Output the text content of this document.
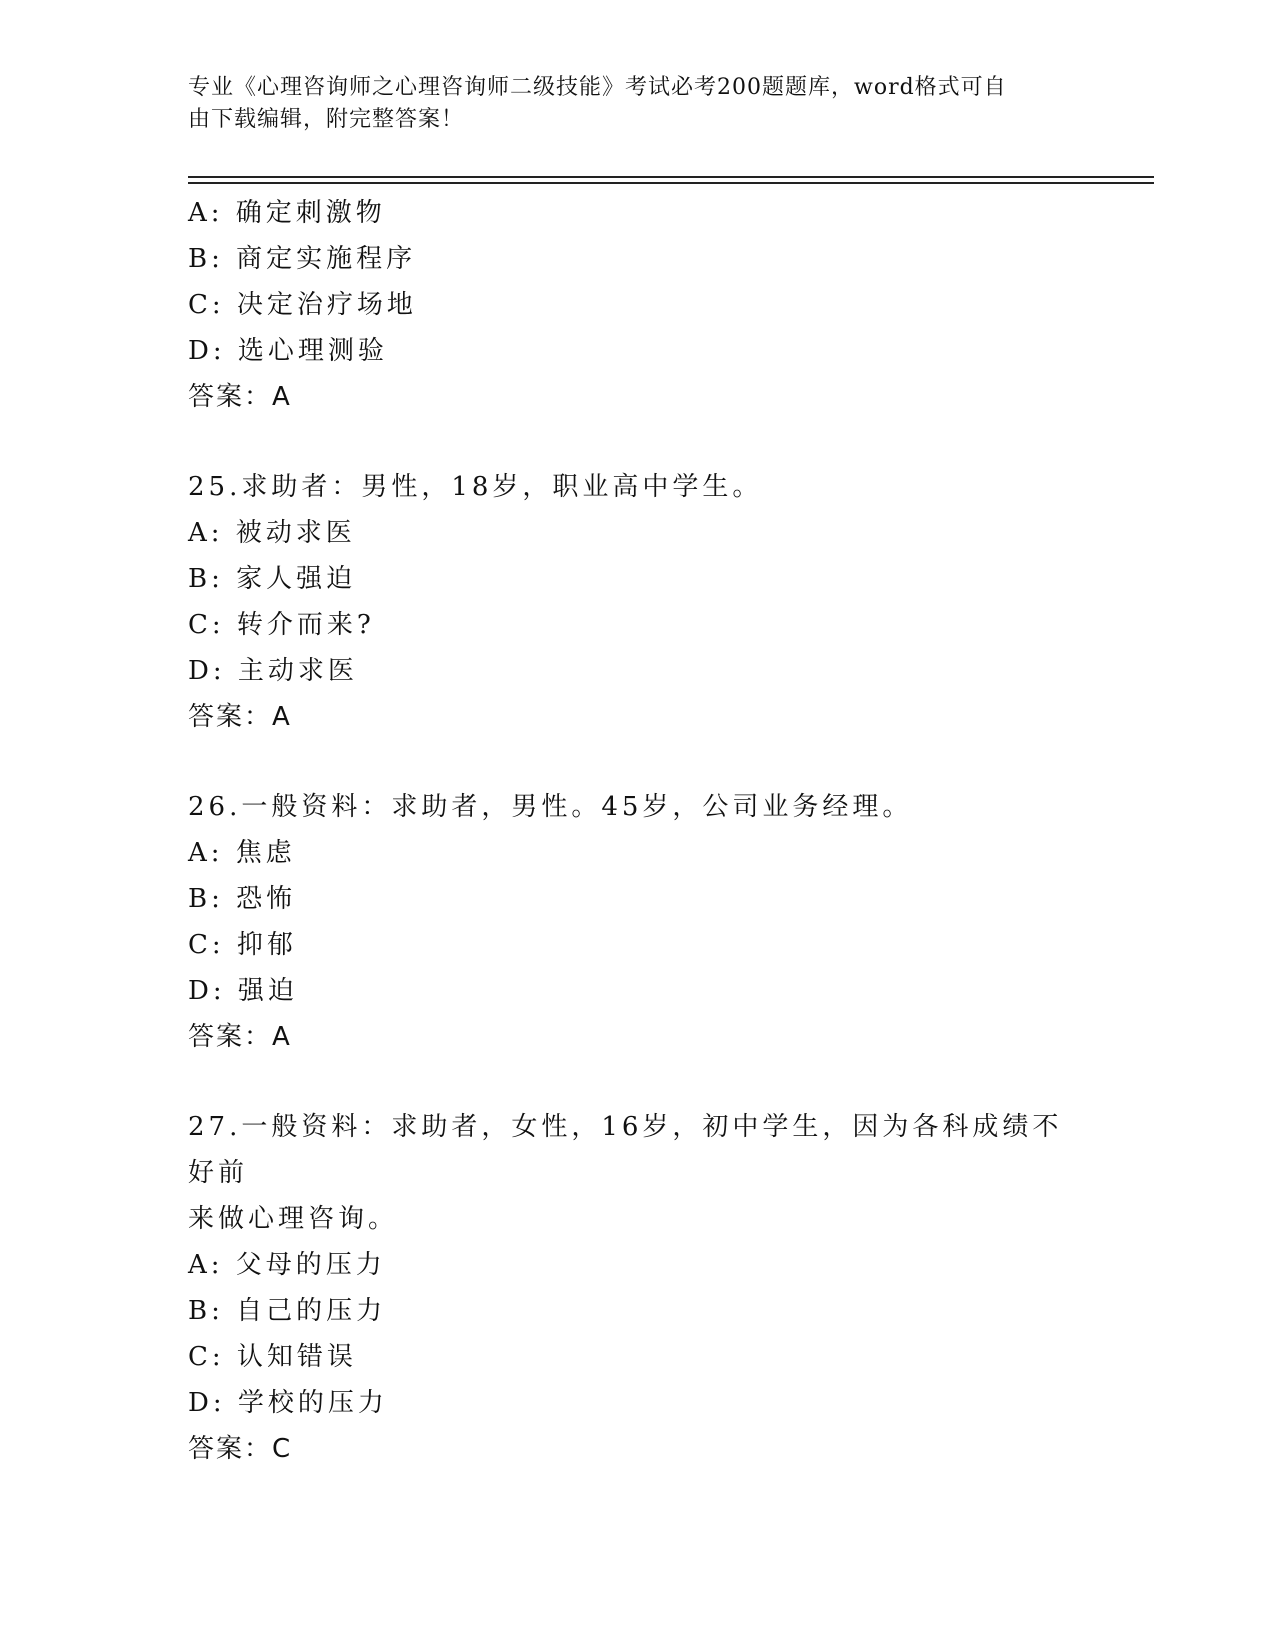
专业《心理咨询师之心理咨询师二级技能》考试必考200题题库，word格式可自
由下载编辑，附完整答案！
A: 确定刺激物
B: 商定实施程序
C: 决定治疗场地
D: 选心理测验
答案：A
25.求助者：男性，18岁，职业高中学生。
A: 被动求医
B: 家人强迫
C: 转介而来?
D: 主动求医
答案：A
26.一般资料：求助者，男性。45岁，公司业务经理。
A: 焦虑
B: 恐怖
C: 抑郁
D: 强迫
答案：A
27.一般资料：求助者，女性，16岁，初中学生，因为各科成绩不好前
来做心理咨询。
A: 父母的压力
B: 自己的压力
C: 认知错误
D: 学校的压力
答案：C
